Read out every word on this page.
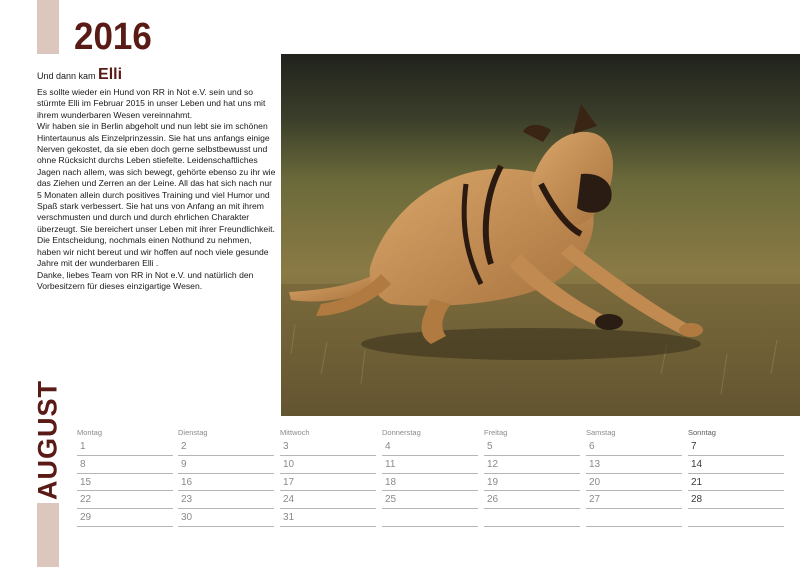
2016
AUGUST

Und dann kam Elli

Es sollte wieder ein Hund von RR in Not e.V. sein und so stürmte Elli im Februar 2015 in unser Leben und hat uns mit ihrem wunderbaren Wesen vereinnahmt.
Wir haben sie in Berlin abgeholt und nun lebt sie im schönen Hintertaunus als Einzelprinzessin. Sie hat uns anfangs einige Nerven gekostet, da sie eben doch gerne selbstbewusst und ohne Rücksicht durchs Leben stiefelte. Leidenschaftliches Jagen nach allem, was sich bewegt, gehörte ebenso zu ihr wie das Ziehen und Zerren an der Leine. All das hat sich nach nur 5 Monaten allein durch positives Training und viel Humor und Spaß stark verbessert. Sie hat uns von Anfang an mit ihrem verschmusten und durch und durch ehrlichen Charakter überzeugt. Sie bereichert unser Leben mit ihrer Freundlichkeit. Die Entscheidung, nochmals einen Nothund zu nehmen, haben wir nicht bereut und wir hoffen auf noch viele gesunde Jahre mit der wunderbaren Elli .
Danke, liebes Team von RR in Not e.V. und natürlich den Vorbesitzern für dieses einzigartige Wesen.

Montag
1
8
15
22
29
Dienstag
2
9
16
23
30
Mittwoch
3
10
17
24
31
Donnerstag
4
11
18
25
Freitag
5
12
19
26
Samstag
6
13
20
27
Sonntag
7
14
21
28
